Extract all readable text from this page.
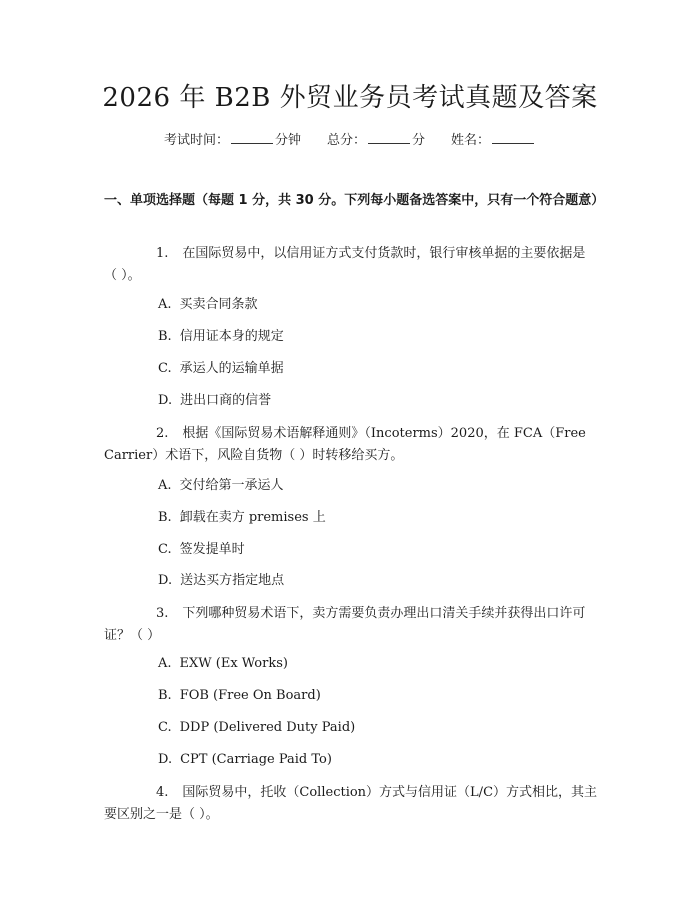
2026 年 B2B 外贸业务员考试真题及答案
考试时间：	分钟 总分：	分 姓名：
一、单项选择题（每题 1 分，共 30 分。下列每小题备选答案中，只有一个符合题意）
1. 在国际贸易中，以信用证方式支付货款时，银行审核单据的主要依据是（ ）。
A. 买卖合同条款
B. 信用证本身的规定
C. 承运人的运输单据
D. 进出口商的信誉
2. 根据《国际贸易术语解释通则》（Incoterms）2020，在 FCA（Free Carrier）术语下，风险自货物（ ）时转移给买方。
A. 交付给第一承运人
B. 卸载在卖方 premises 上
C. 签发提单时
D. 送达买方指定地点
3. 下列哪种贸易术语下，卖方需要负责办理出口清关手续并获得出口许可证？（ ）
A. EXW (Ex Works)
B. FOB (Free On Board)
C. DDP (Delivered Duty Paid)
D. CPT (Carriage Paid To)
4. 国际贸易中，托收（Collection）方式与信用证（L/C）方式相比，其主要区别之一是（ ）。
